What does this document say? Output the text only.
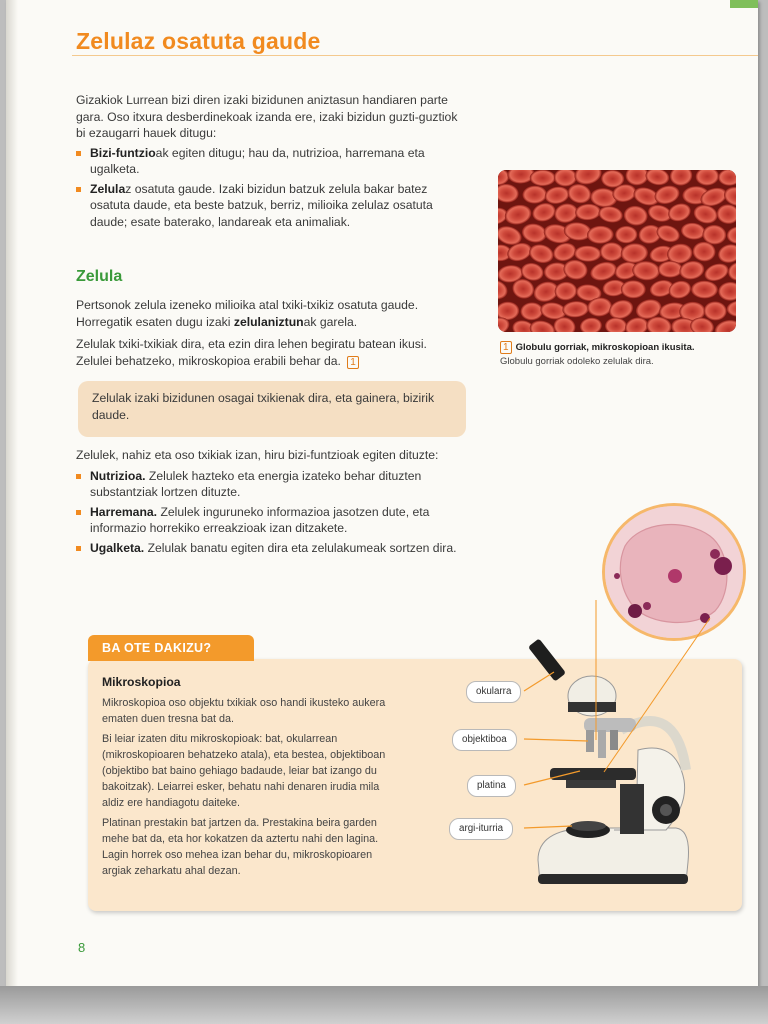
Zelulaz osatuta gaude
Gizakiok Lurrean bizi diren izaki bizidunen aniztasun handiaren parte gara. Oso itxura desberdinekoak izanda ere, izaki bizidun guzti-guztiok bi ezaugarri hauek ditugu:
Bizi-funtzioak egiten ditugu; hau da, nutrizioa, harremana eta ugalketa.
Zelulaz osatuta gaude. Izaki bizidun batzuk zelula bakar batez osatuta daude, eta beste batzuk, berriz, milioika zelulaz osatuta daude; esate baterako, landareak eta animaliak.
Zelula
Pertsonok zelula izeneko milioika atal txiki-txikiz osatuta gaude. Horregatik esaten dugu izaki zelulaniztunak garela.
Zelulak txiki-txikiak dira, eta ezin dira lehen begiratu batean ikusi. Zelulei behatzeko, mikroskopioa erabili behar da. 1
Zelulak izaki bizidunen osagai txikienak dira, eta gainera, bizirik daude.
Zelulek, nahiz eta oso txikiak izan, hiru bizi-funtzioak egiten dituzte:
Nutrizioa. Zelulek hazteko eta energia izateko behar dituzten substantziak lortzen dituzte.
Harremana. Zelulek inguruneko informazioa jasotzen dute, eta informazio horrekiko erreakzioak izan ditzakete.
Ugalketa. Zelulak banatu egiten dira eta zelulakumeak sortzen dira.
1 Globulu gorriak, mikroskopioan ikusita. Globulu gorriak odoleko zelulak dira.
BA OTE DAKIZU?
Mikroskopioa

Mikroskopioa oso objektu txikiak oso handi ikusteko aukera ematen duen tresna bat da.

Bi leiar izaten ditu mikroskopioak: bat, okularrean (mikroskopioaren behatzeko atala), eta bestea, objektiboan (objektibo bat baino gehiago badaude, leiar bat izango du bakoitzak). Leiarrei esker, behatu nahi denaren irudia mila aldiz ere handiagotu daiteke.

Platinan prestakin bat jartzen da. Prestakina beira garden mehe bat da, eta hor kokatzen da aztertu nahi den lagina. Lagin horrek oso mehea izan behar du, mikroskopioaren argiak zeharkatu ahal dezan.

okularra
objektiboa
platina
argi-iturria
8
